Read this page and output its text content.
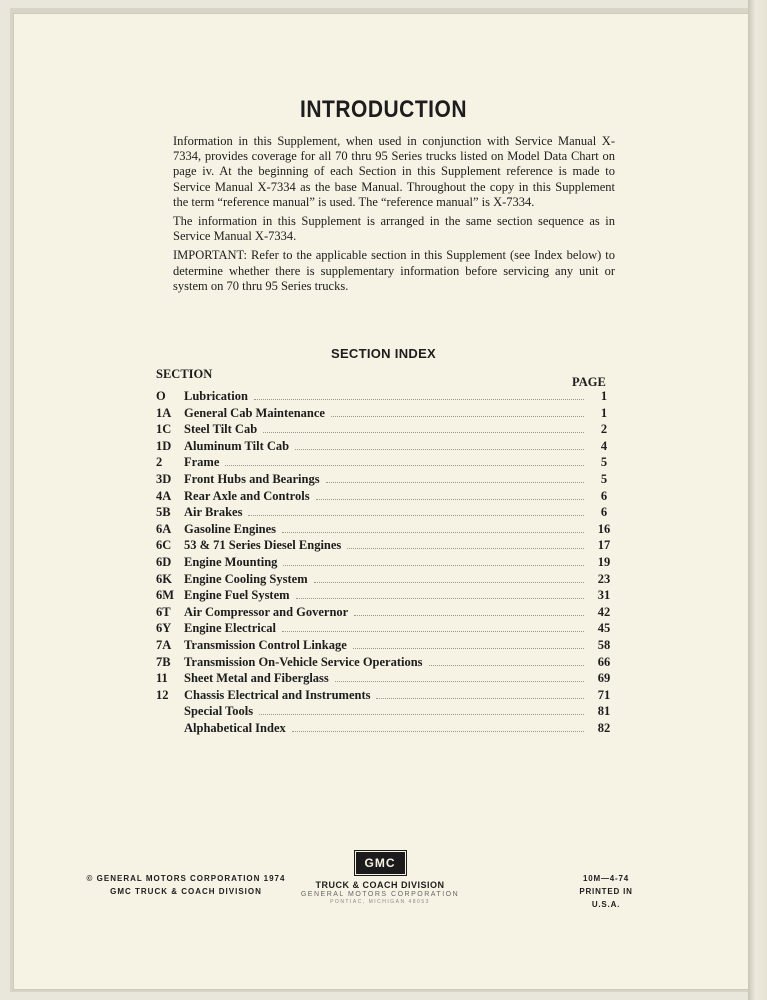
INTRODUCTION

Information in this Supplement, when used in conjunction with Service Manual X-7334, provides coverage for all 70 thru 95 Series trucks listed on Model Data Chart on page iv. At the beginning of each Section in this Supplement reference is made to Service Manual X-7334 as the base Manual. Throughout the copy in this Supplement the term “reference manual” is used. The “reference manual” is X-7334.

The information in this Supplement is arranged in the same section sequence as in Service Manual X-7334.

IMPORTANT: Refer to the applicable section in this Supplement (see Index below) to determine whether there is supplementary information before servicing any unit or system on 70 thru 95 Series trucks.

SECTION INDEX
SECTION
PAGE
O	Lubrication	1
1A	General Cab Maintenance	1
1C	Steel Tilt Cab	2
1D	Aluminum Tilt Cab	4
2	Frame	5
3D	Front Hubs and Bearings	5
4A	Rear Axle and Controls	6
5B	Air Brakes	6
6A	Gasoline Engines	16
6C	53 & 71 Series Diesel Engines	17
6D	Engine Mounting	19
6K Engine Cooling System	23
6M Engine Fuel System	31
6T	Air Compressor and Governor	42
6Y	Engine Electrical	45
7A	Transmission Control Linkage	58
7B	Transmission On-Vehicle Service Operations	66
11	Sheet Metal and Fiberglass	69
12	Chassis Electrical and Instruments	71
Special Tools	81
Alphabetical Index	82
© GENERAL MOTORS CORPORATION 1974
GMC TRUCK & COACH DIVISION
GMC
TRUCK & COACH DIVISION
GENERAL MOTORS CORPORATION
PONTIAC, MICHIGAN 48053
10M—4-74
PRINTED IN U.S.A.
